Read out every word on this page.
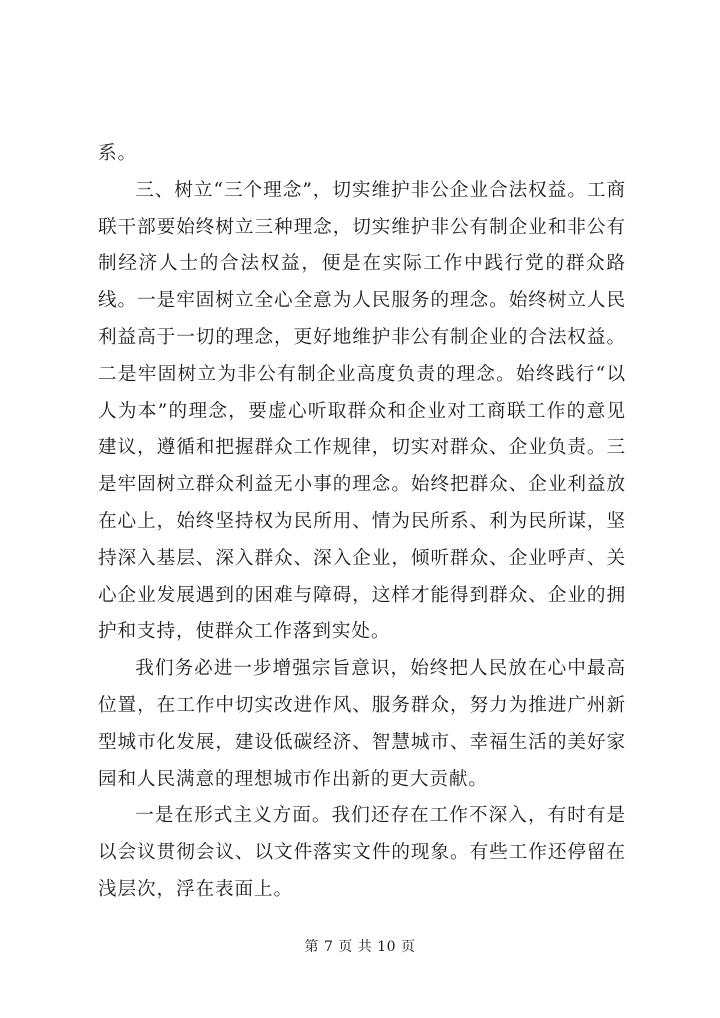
系。

三、树立“三个理念”，切实维护非公企业合法权益。工商联干部要始终树立三种理念，切实维护非公有制企业和非公有制经济人士的合法权益，便是在实际工作中践行党的群众路线。一是牢固树立全心全意为人民服务的理念。始终树立人民利益高于一切的理念，更好地维护非公有制企业的合法权益。二是牢固树立为非公有制企业高度负责的理念。始终践行“以人为本”的理念，要虚心听取群众和企业对工商联工作的意见建议，遵循和把握群众工作规律，切实对群众、企业负责。三是牢固树立群众利益无小事的理念。始终把群众、企业利益放在心上，始终坚持权为民所用、情为民所系、利为民所谋，坚持深入基层、深入群众、深入企业，倾听群众、企业呼声、关心企业发展遇到的困难与障碍，这样才能得到群众、企业的拥护和支持，使群众工作落到实处。

我们务必进一步增强宗旨意识，始终把人民放在心中最高位置，在工作中切实改进作风、服务群众，努力为推进广州新型城市化发展，建设低碳经济、智慧城市、幸福生活的美好家园和人民满意的理想城市作出新的更大贡献。

一是在形式主义方面。我们还存在工作不深入，有时有是以会议贯彻会议、以文件落实文件的现象。有些工作还停留在浅层次，浮在表面上。

第 7 页 共 10 页
